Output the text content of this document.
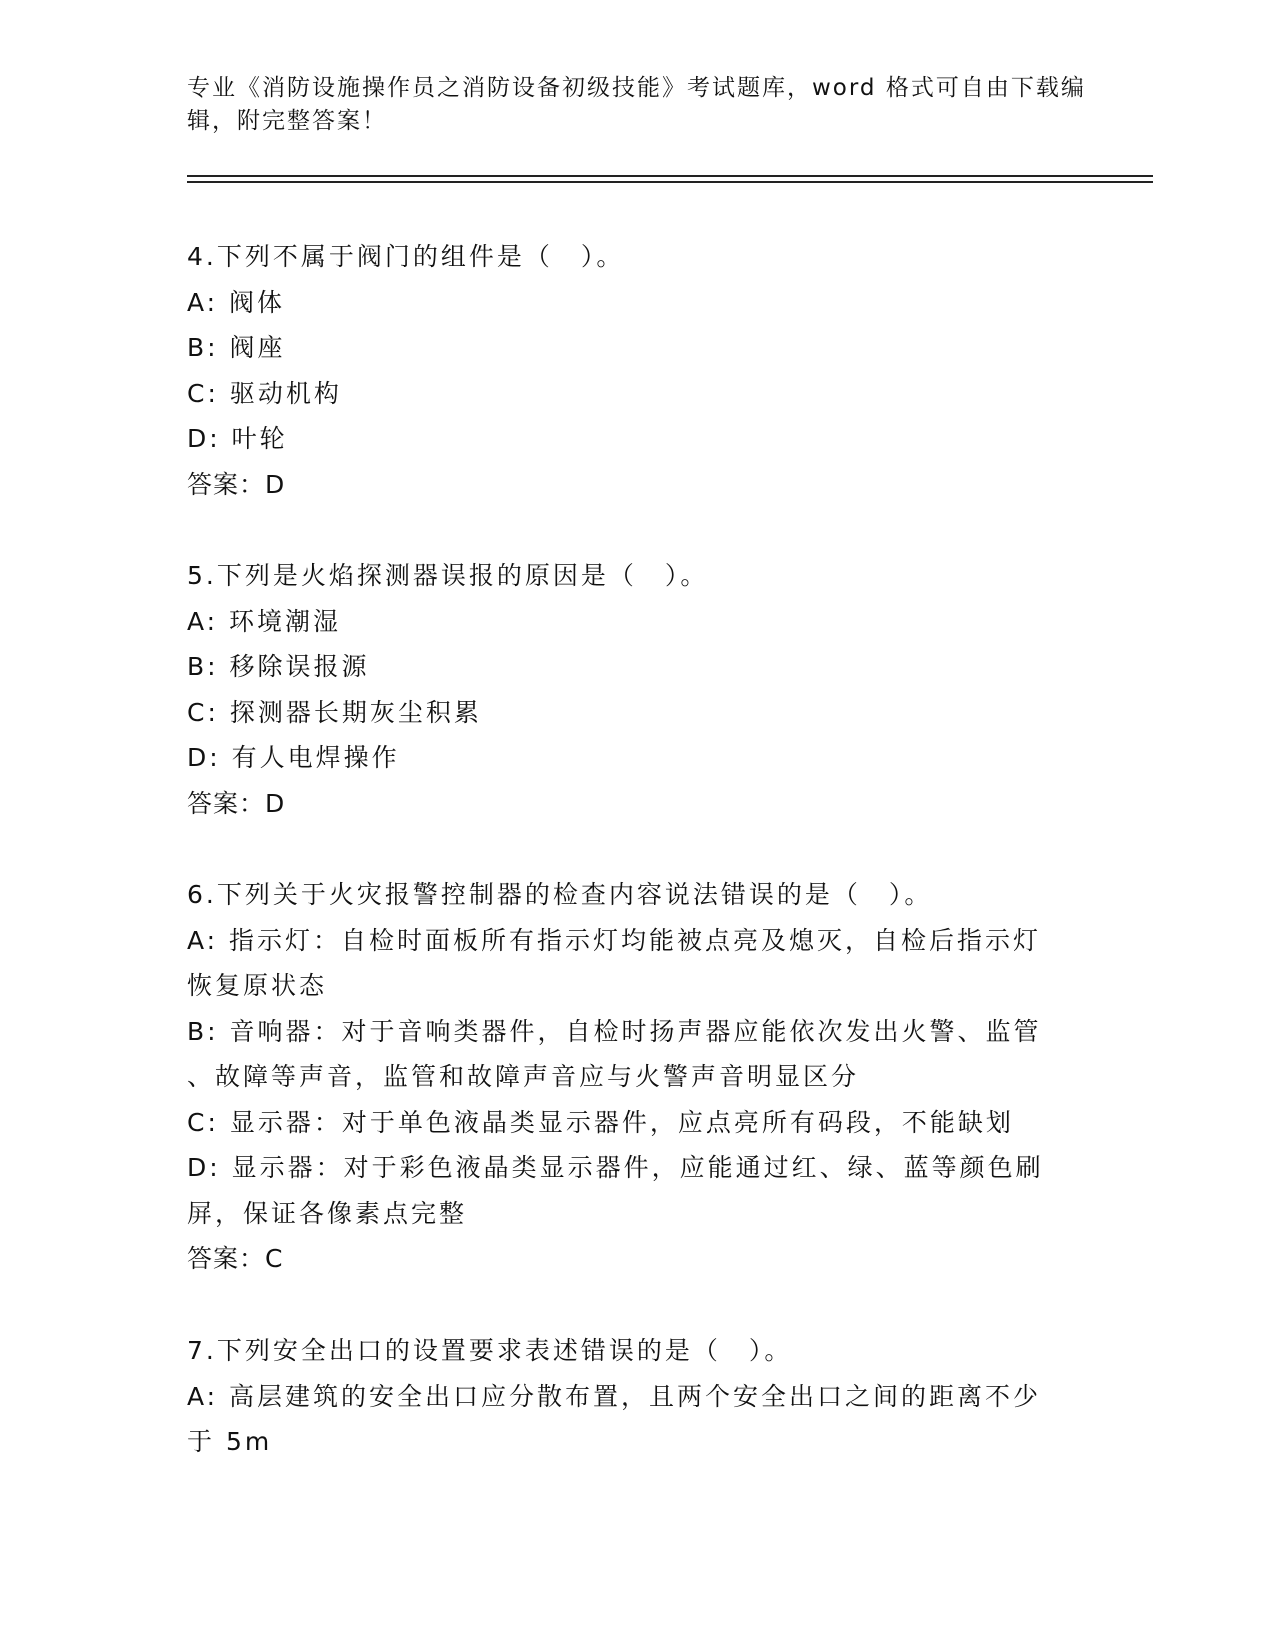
专业《消防设施操作员之消防设备初级技能》考试题库，word 格式可自由下载编
辑，附完整答案！
4.下列不属于阀门的组件是（　）。
A: 阀体
B: 阀座
C: 驱动机构
D: 叶轮
答案：D
5.下列是火焰探测器误报的原因是（　）。
A: 环境潮湿
B: 移除误报源
C: 探测器长期灰尘积累
D: 有人电焊操作
答案：D
6.下列关于火灾报警控制器的检查内容说法错误的是（　）。
A: 指示灯：自检时面板所有指示灯均能被点亮及熄灭，自检后指示灯
恢复原状态
B: 音响器：对于音响类器件，自检时扬声器应能依次发出火警、监管
、故障等声音，监管和故障声音应与火警声音明显区分
C: 显示器：对于单色液晶类显示器件，应点亮所有码段，不能缺划
D: 显示器：对于彩色液晶类显示器件，应能通过红、绿、蓝等颜色刷
屏，保证各像素点完整
答案：C
7.下列安全出口的设置要求表述错误的是（　）。
A: 高层建筑的安全出口应分散布置，且两个安全出口之间的距离不少
于 5m
